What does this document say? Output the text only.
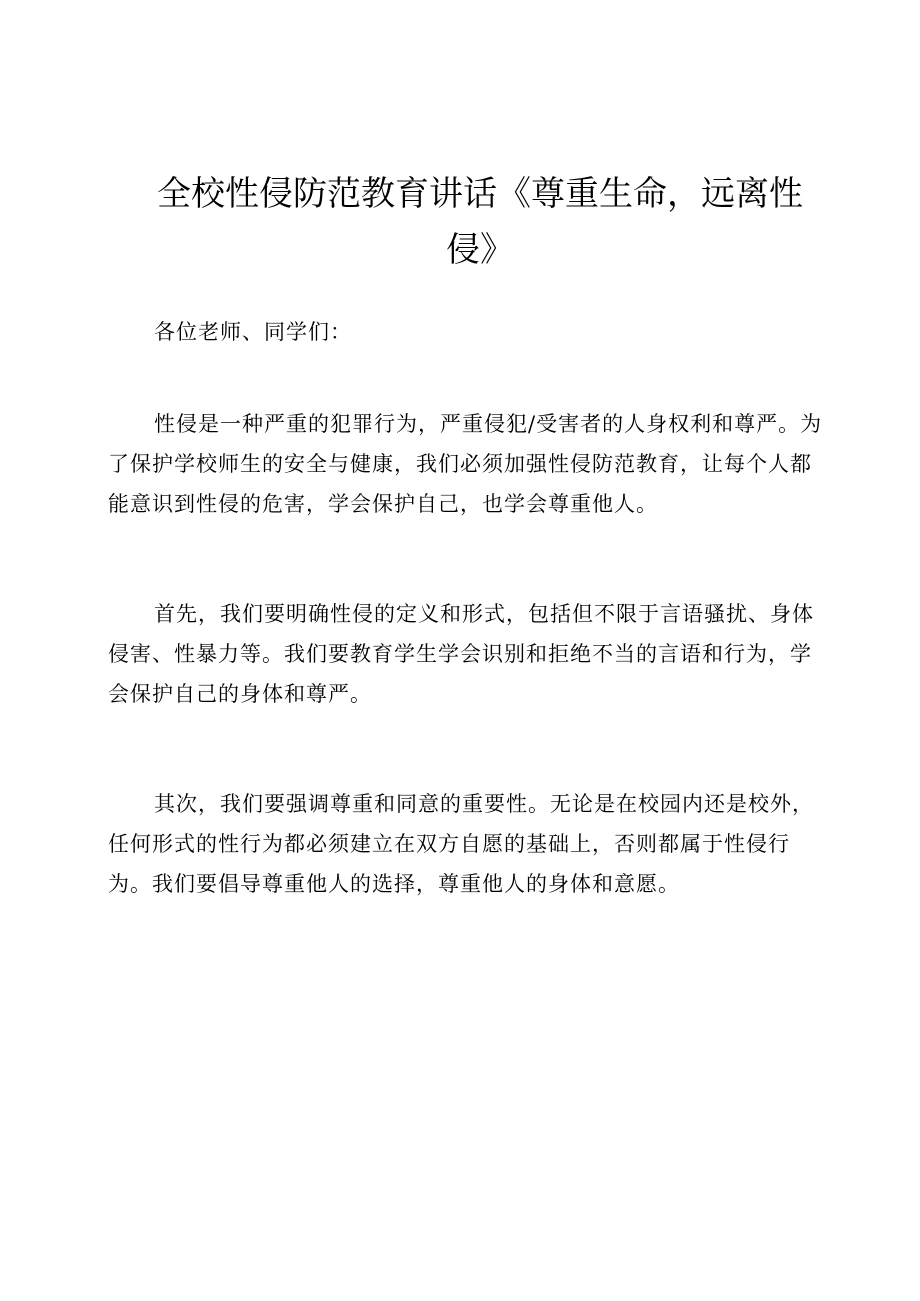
全校性侵防范教育讲话《尊重生命，远离性侵》

各位老师、同学们：

性侵是一种严重的犯罪行为，严重侵犯/受害者的人身权利和尊严。为了保护学校师生的安全与健康，我们必须加强性侵防范教育，让每个人都能意识到性侵的危害，学会保护自己，也学会尊重他人。

首先，我们要明确性侵的定义和形式，包括但不限于言语骚扰、身体侵害、性暴力等。我们要教育学生学会识别和拒绝不当的言语和行为，学会保护自己的身体和尊严。

其次，我们要强调尊重和同意的重要性。无论是在校园内还是校外，任何形式的性行为都必须建立在双方自愿的基础上，否则都属于性侵行为。我们要倡导尊重他人的选择，尊重他人的身体和意愿。
